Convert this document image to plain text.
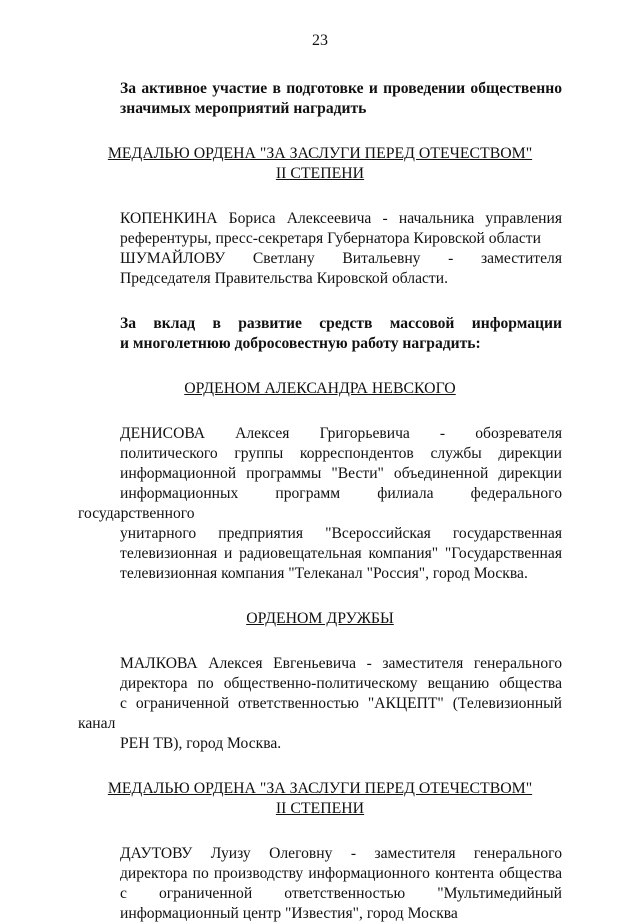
23
За активное участие в подготовке и проведении общественно
значимых мероприятий наградить
МЕДАЛЬЮ ОРДЕНА "ЗА ЗАСЛУГИ ПЕРЕД ОТЕЧЕСТВОМ"
II СТЕПЕНИ
КОПЕНКИНА Бориса Алексеевича - начальника управления
референтуры, пресс-секретаря Губернатора Кировской области
ШУМАЙЛОВУ Светлану Витальевну - заместителя
Председателя Правительства Кировской области.
За вклад в развитие средств массовой информации
и многолетнюю добросовестную работу наградить:
ОРДЕНОМ АЛЕКСАНДРА НЕВСКОГО
ДЕНИСОВА Алексея Григорьевича - обозревателя
политического группы корреспондентов службы дирекции
информационной программы "Вести" объединенной дирекции
информационных программ филиала федерального государственного
унитарного предприятия "Всероссийская государственная
телевизионная и радиовещательная компания" "Государственная
телевизионная компания "Телеканал "Россия", город Москва.
ОРДЕНОМ ДРУЖБЫ
МАЛКОВА Алексея Евгеньевича - заместителя генерального
директора по общественно-политическому вещанию общества
с ограниченной ответственностью "АКЦЕПТ" (Телевизионный канал
РЕН ТВ), город Москва.
МЕДАЛЬЮ ОРДЕНА "ЗА ЗАСЛУГИ ПЕРЕД ОТЕЧЕСТВОМ"
II СТЕПЕНИ
ДАУТОВУ Луизу Олеговну - заместителя генерального
директора по производству информационного контента общества
с ограниченной ответственностью "Мультимедийный
информационный центр "Известия", город Москва
